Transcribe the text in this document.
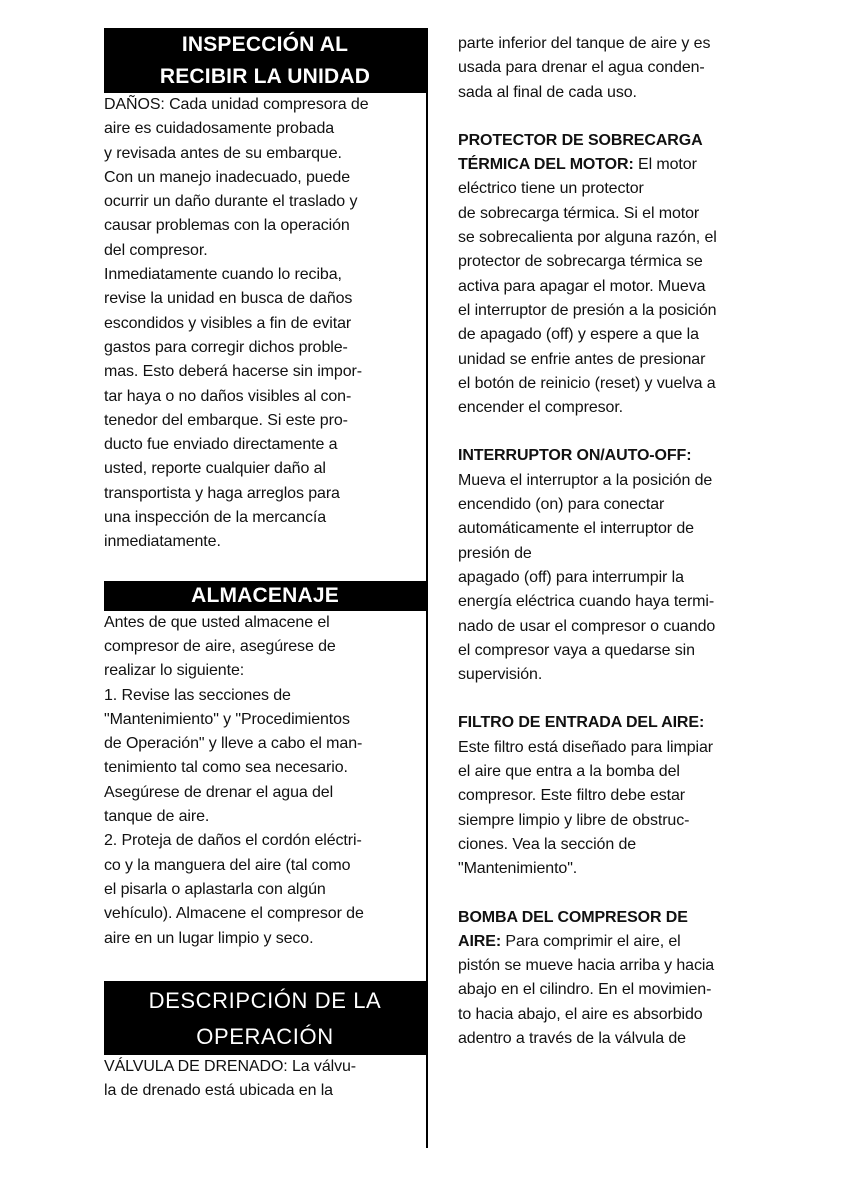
INSPECCIÓN AL
RECIBIR LA UNIDAD
DAÑOS: Cada unidad compresora de
aire es cuidadosamente probada
y revisada antes de su embarque.
Con un manejo inadecuado, puede
ocurrir un daño durante el traslado y
causar problemas con la operación
del compresor.
Inmediatamente cuando lo reciba,
revise la unidad en busca de daños
escondidos y visibles a fin de evitar
gastos para corregir dichos proble-
mas. Esto deberá hacerse sin impor-
tar haya o no daños visibles al con-
tenedor del embarque. Si este pro-
ducto fue enviado directamente a
usted, reporte cualquier daño al
transportista y haga arreglos para
una inspección de la mercancía
inmediatamente.
ALMACENAJE
Antes de que usted almacene el
compresor de aire, asegúrese de
realizar lo siguiente:
1. Revise las secciones de
"Mantenimiento" y "Procedimientos
de Operación" y lleve a cabo el man-
tenimiento tal como sea necesario.
Asegúrese de drenar el agua del
tanque de aire.
2. Proteja de daños el cordón eléctri-
co y la manguera del aire (tal como
el pisarla o aplastarla con algún
vehículo). Almacene el compresor de
aire en un lugar limpio y seco.
DESCRIPCIÓN DE LA
OPERACIÓN
VÁLVULA DE DRENADO: La válvu-
la de drenado está ubicada en la
parte inferior del tanque de aire y es
usada para drenar el agua conden-
sada al final de cada uso.
PROTECTOR DE SOBRECARGA
TÉRMICA DEL MOTOR: El motor
eléctrico tiene un protector
de sobrecarga térmica. Si el motor
se sobrecalienta por alguna razón, el
protector de sobrecarga térmica se
activa para apagar el motor. Mueva
el interruptor de presión a la posición
de apagado (off) y espere a que la
unidad se enfrie antes de presionar
el botón de reinicio (reset) y vuelva a
encender el compresor.
INTERRUPTOR ON/AUTO-OFF:
Mueva el interruptor a la posición de
encendido (on) para conectar
automáticamente el interruptor de
presión de
apagado (off) para interrumpir la
energía eléctrica cuando haya termi-
nado de usar el compresor o cuando
el compresor vaya a quedarse sin
supervisión.
FILTRO DE ENTRADA DEL AIRE:
Este filtro está diseñado para limpiar
el aire que entra a la bomba del
compresor. Este filtro debe estar
siempre limpio y libre de obstruc-
ciones. Vea la sección de
"Mantenimiento".
BOMBA DEL COMPRESOR DE
AIRE: Para comprimir el aire, el
pistón se mueve hacia arriba y hacia
abajo en el cilindro. En el movimien-
to hacia abajo, el aire es absorbido
adentro a través de la válvula de
